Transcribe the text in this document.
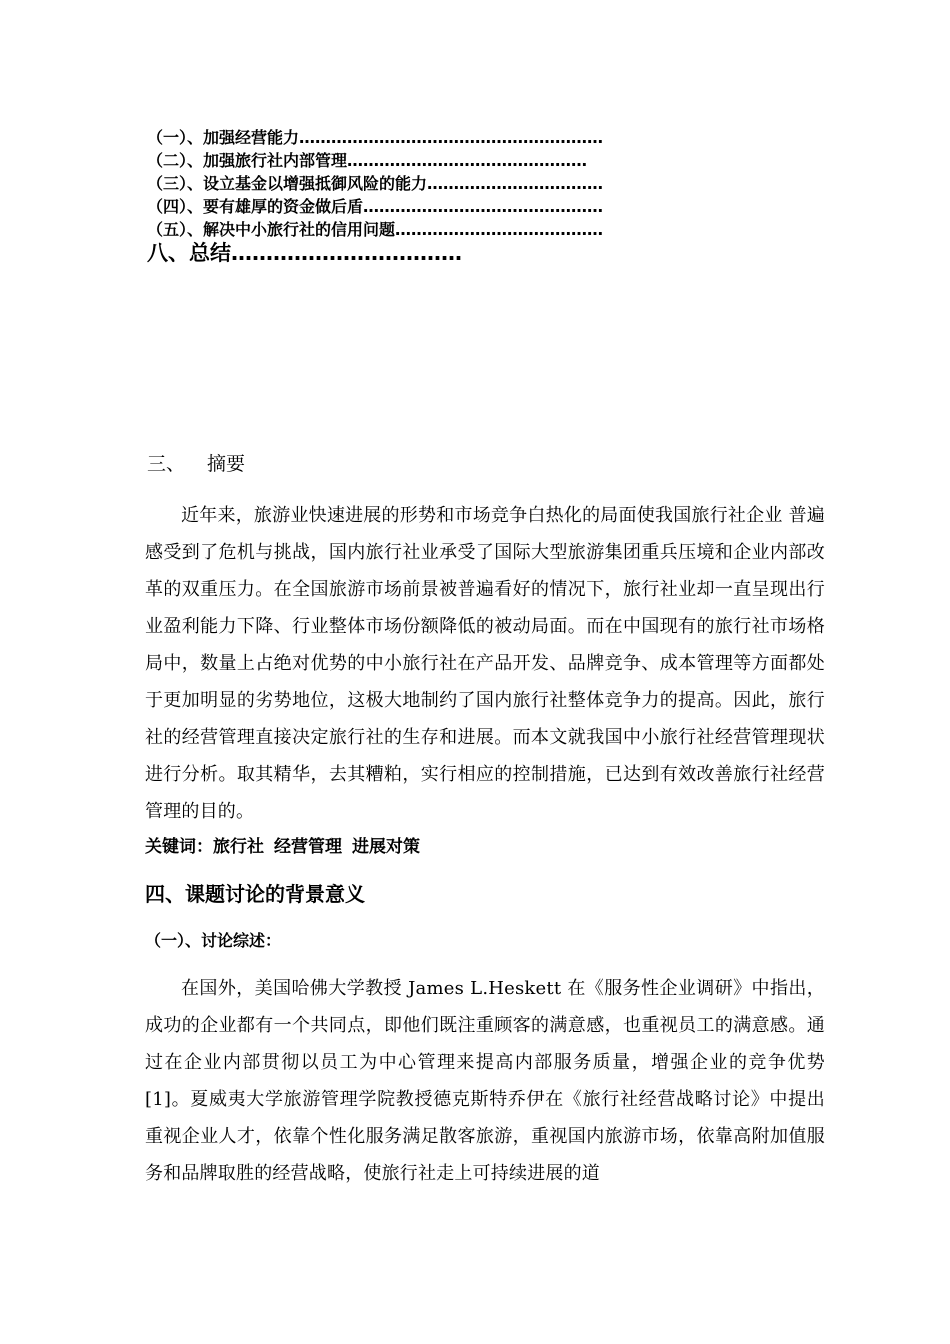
（一）、加强经营能力…………………………………………………
（二）、加强旅行社内部管理………………………………………
（三）、设立基金以增强抵御风险的能力……………………………
（四）、要有雄厚的资金做后盾………………………………………
（五）、解决中小旅行社的信用问题…………………………………
八、总结……………………………
三、 摘要
近年来，旅游业快速进展的形势和市场竞争白热化的局面使我国旅行社企业 普遍感受到了危机与挑战，国内旅行社业承受了国际大型旅游集团重兵压境和企业内部改革的双重压力。在全国旅游市场前景被普遍看好的情况下，旅行社业却一直呈现出行业盈利能力下降、行业整体市场份额降低的被动局面。而在中国现有的旅行社市场格局中，数量上占绝对优势的中小旅行社在产品开发、品牌竞争、成本管理等方面都处于更加明显的劣势地位，这极大地制约了国内旅行社整体竞争力的提高。因此，旅行社的经营管理直接决定旅行社的生存和进展。而本文就我国中小旅行社经营管理现状进行分析。取其精华，去其糟粕，实行相应的控制措施，已达到有效改善旅行社经营管理的目的。
关键词：旅行社 经营管理 进展对策
四、课题讨论的背景意义
（一）、讨论综述：
在国外，美国哈佛大学教授 James L.Heskett 在《服务性企业调研》中指出，成功的企业都有一个共同点，即他们既注重顾客的满意感，也重视员工的满意感。通过在企业内部贯彻以员工为中心管理来提高内部服务质量，增强企业的竞争优势[1]。夏威夷大学旅游管理学院教授德克斯特乔伊在《旅行社经营战略讨论》中提出重视企业人才，依靠个性化服务满足散客旅游，重视国内旅游市场，依靠高附加值服务和品牌取胜的经营战略，使旅行社走上可持续进展的道
